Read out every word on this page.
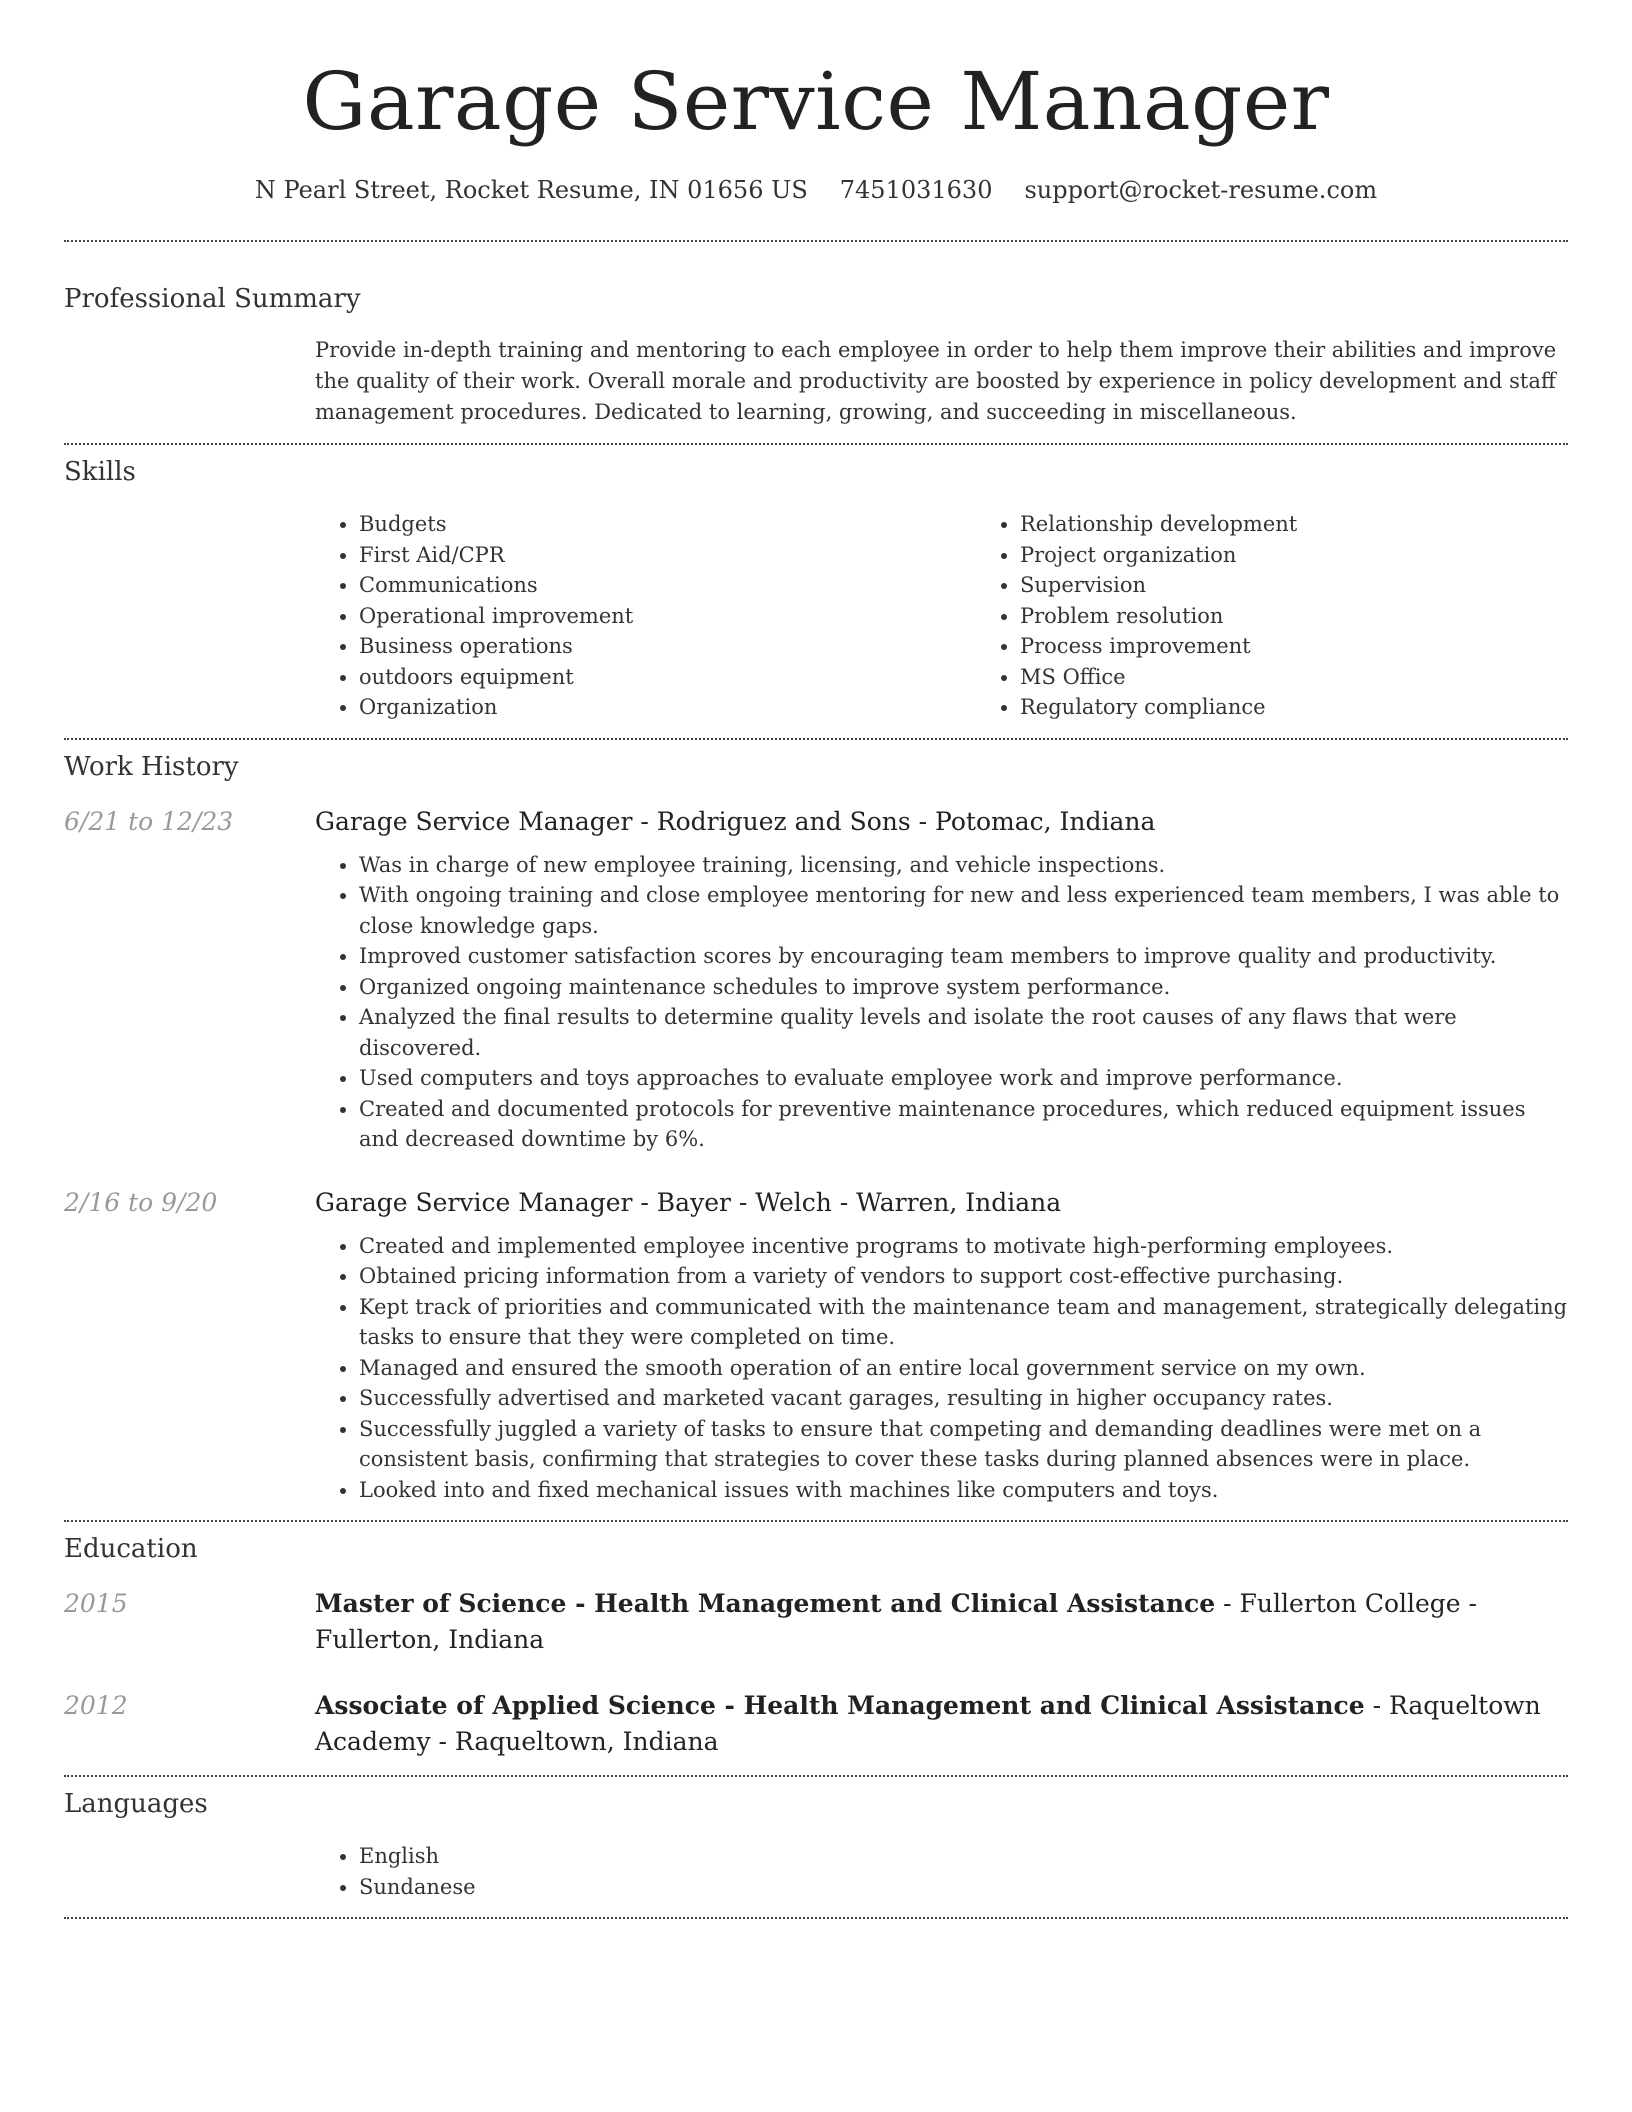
Garage Service Manager
N Pearl Street, Rocket Resume, IN 01656 US 7451031630 support@rocket-resume.com
Professional Summary

Provide in-depth training and mentoring to each employee in order to help them improve their abilities and improve the quality of their work. Overall morale and productivity are boosted by experience in policy development and staff management procedures. Dedicated to learning, growing, and succeeding in miscellaneous.

Skills
• Budgets
• First Aid/CPR
• Communications
• Operational improvement
• Business operations
• outdoors equipment
• Organization
• Relationship development
• Project organization
• Supervision
• Problem resolution
• Process improvement
• MS Office
• Regulatory compliance
Work History
6/21 to 12/23	Garage Service Manager - Rodriguez and Sons - Potomac, Indiana
• Was in charge of new employee training, licensing, and vehicle inspections.
• With ongoing training and close employee mentoring for new and less experienced team members, I was able to close knowledge gaps.
• Improved customer satisfaction scores by encouraging team members to improve quality and productivity.
• Organized ongoing maintenance schedules to improve system performance.
• Analyzed the final results to determine quality levels and isolate the root causes of any flaws that were discovered.
• Used computers and toys approaches to evaluate employee work and improve performance.
• Created and documented protocols for preventive maintenance procedures, which reduced equipment issues and decreased downtime by 6%.
2/16 to 9/20	Garage Service Manager - Bayer - Welch - Warren, Indiana
• Created and implemented employee incentive programs to motivate high-performing employees.
• Obtained pricing information from a variety of vendors to support cost-effective purchasing.
• Kept track of priorities and communicated with the maintenance team and management, strategically delegating tasks to ensure that they were completed on time.
• Managed and ensured the smooth operation of an entire local government service on my own.
• Successfully advertised and marketed vacant garages, resulting in higher occupancy rates.
• Successfully juggled a variety of tasks to ensure that competing and demanding deadlines were met on a consistent basis, confirming that strategies to cover these tasks during planned absences were in place.
• Looked into and fixed mechanical issues with machines like computers and toys.
Education
2015	Master of Science - Health Management and Clinical Assistance - Fullerton College - Fullerton, Indiana
2012	Associate of Applied Science - Health Management and Clinical Assistance - Raqueltown Academy - Raqueltown, Indiana
Languages
• English
• Sundanese
